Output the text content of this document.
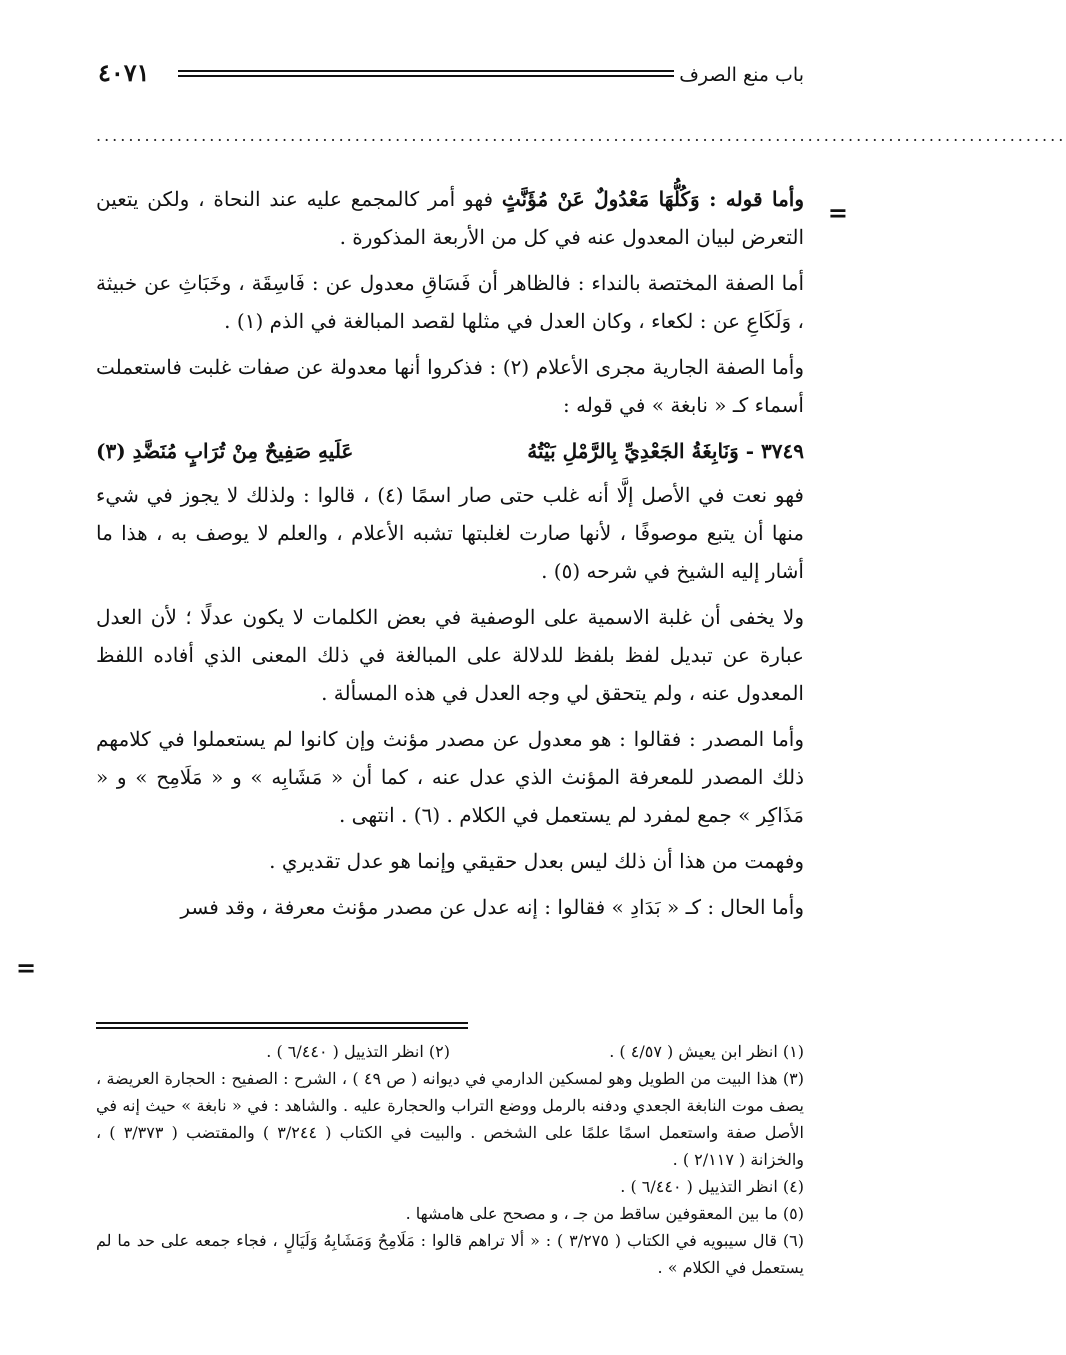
باب منع الصرف
٤٠٧١
........................................................................................................................
=

وأما قوله : وَكُلُّهَا مَعْدُولٌ عَنْ مُؤَنَّثٍ فهو أمر كالمجمع عليه عند النحاة ، ولكن يتعين التعرض لبيان المعدول عنه في كل من الأربعة المذكورة .

أما الصفة المختصة بالنداء : فالظاهر أن فَسَاقِ معدول عن : فَاسِقَة ، وخَبَاثِ عن خبيثة ، وَلَكَاعِ عن : لكعاء ، وكان العدل في مثلها لقصد المبالغة في الذم (١) .

وأما الصفة الجارية مجرى الأعلام (٢) : فذكروا أنها معدولة عن صفات غلبت فاستعملت أسماء كـ « نابغة » في قوله :

٣٧٤٩ - وَنَابِغَةُ الجَعْدِيِّ بِالرَّمْلِ بَيْتُهُ
عَلَيهِ صَفِيحٌ مِنْ تُرَابٍ مُنَضَّدِ (٣)

فهو نعت في الأصل إلَّا أنه غلب حتى صار اسمًا (٤) ، قالوا : ولذلك لا يجوز في شيء منها أن يتبع موصوفًا ، لأنها صارت لغلبتها تشبه الأعلام ، والعلم لا يوصف به ، هذا ما أشار إليه الشيخ في شرحه (٥) .

ولا يخفى أن غلبة الاسمية على الوصفية في بعض الكلمات لا يكون عدلًا ؛ لأن العدل عبارة عن تبديل لفظ بلفظ للدلالة على المبالغة في ذلك المعنى الذي أفاده اللفظ المعدول عنه ، ولم يتحقق لي وجه العدل في هذه المسألة .

وأما المصدر : فقالوا : هو معدول عن مصدر مؤنث وإن كانوا لم يستعملوا في كلامهم ذلك المصدر للمعرفة المؤنث الذي عدل عنه ، كما أن « مَشَابِه » و « مَلَامِح » و « مَذَاكِر » جمع لمفرد لم يستعمل في الكلام . (٦) . انتهى .

وفهمت من هذا أن ذلك ليس بعدل حقيقي وإنما هو عدل تقديري .

وأما الحال : كـ « بَدَادِ » فقالوا : إنه عدل عن مصدر مؤنث معرفة ، وقد فسر

=
(١) انظر ابن يعيش ( ٤/٥٧ ) .
(٢) انظر التذييل ( ٦/٤٤٠ ) .

(٣) هذا البيت من الطويل وهو لمسكين الدارمي في ديوانه ( ص ٤٩ ) ، الشرح : الصفيح : الحجارة العريضة ، يصف موت النابغة الجعدي ودفنه بالرمل ووضع التراب والحجارة عليه . والشاهد : في « نابغة » حيث إنه في الأصل صفة واستعمل اسمًا علمًا على الشخص . والبيت في الكتاب ( ٣/٢٤٤ ) والمقتضب ( ٣/٣٧٣ ) ، والخزانة ( ٢/١١٧ ) .

(٤) انظر التذييل ( ٦/٤٤٠ ) .

(٥) ما بين المعقوفين ساقط من جـ ، و مصحح على هامشها .

(٦) قال سيبويه في الكتاب ( ٣/٢٧٥ ) : « ألا تراهم قالوا : مَلَامِحُ وَمَشَابِهُ وَلَيَالٍ ، فجاء جمعه على حد ما لم يستعمل في الكلام » .
